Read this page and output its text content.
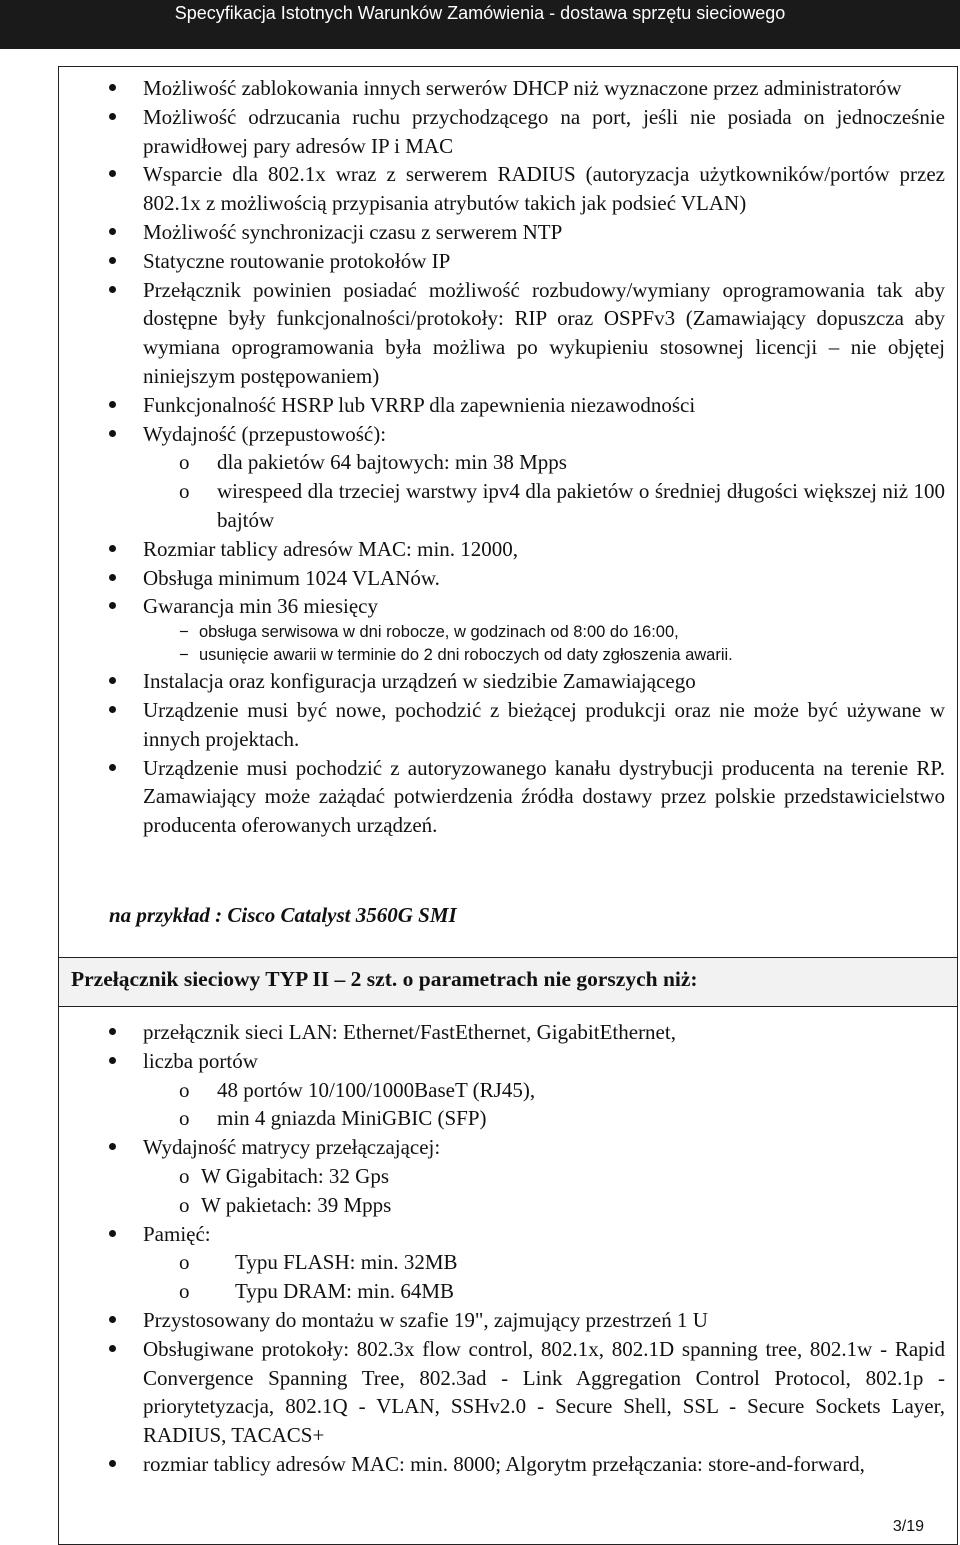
Specyfikacja Istotnych Warunków Zamówienia - dostawa sprzętu sieciowego
Możliwość zablokowania innych serwerów DHCP niż wyznaczone przez administratorów
Możliwość odrzucania ruchu przychodzącego na port, jeśli nie posiada on jednocześnie prawidłowej pary adresów IP i MAC
Wsparcie dla 802.1x wraz z serwerem RADIUS (autoryzacja użytkowników/portów przez 802.1x z możliwością przypisania atrybutów takich jak podsieć VLAN)
Możliwość synchronizacji czasu z serwerem NTP
Statyczne routowanie protokołów IP
Przełącznik powinien posiadać możliwość rozbudowy/wymiany oprogramowania tak aby dostępne były funkcjonalności/protokoły: RIP oraz OSPFv3 (Zamawiający dopuszcza aby wymiana oprogramowania była możliwa po wykupieniu stosownej licencji – nie objętej niniejszym postępowaniem)
Funkcjonalność HSRP lub VRRP dla zapewnienia niezawodności
Wydajność (przepustowość):
o dla pakietów 64 bajtowych: min 38 Mpps
o wirespeed dla trzeciej warstwy ipv4 dla pakietów o średniej długości większej niż 100 bajtów
Rozmiar tablicy adresów MAC: min. 12000,
Obsługa minimum 1024 VLANów.
Gwarancja min 36 miesięcy
− obsługa serwisowa w dni robocze, w godzinach od 8:00 do 16:00,
− usunięcie awarii w terminie do 2 dni roboczych od daty zgłoszenia awarii.
Instalacja oraz konfiguracja urządzeń w siedzibie Zamawiającego
Urządzenie musi być nowe, pochodzić z bieżącej produkcji oraz nie może być używane w innych projektach.
Urządzenie musi pochodzić z autoryzowanego kanału dystrybucji producenta na terenie RP. Zamawiający może zażądać potwierdzenia źródła dostawy przez polskie przedstawicielstwo producenta oferowanych urządzeń.
na przykład : Cisco Catalyst 3560G SMI
Przełącznik sieciowy TYP II – 2 szt. o parametrach nie gorszych niż:
przełącznik sieci LAN: Ethernet/FastEthernet, GigabitEthernet,
liczba portów
o 48 portów 10/100/1000BaseT (RJ45),
o min 4 gniazda MiniGBIC (SFP)
Wydajność matrycy przełączającej:
o W Gigabitach: 32 Gps
o W pakietach: 39 Mpps
Pamięć:
o Typu FLASH: min. 32MB
o Typu DRAM: min. 64MB
Przystosowany do montażu w szafie 19", zajmujący przestrzeń 1 U
Obsługiwane protokoły: 802.3x flow control, 802.1x, 802.1D spanning tree, 802.1w - Rapid Convergence Spanning Tree, 802.3ad - Link Aggregation Control Protocol, 802.1p - priorytetyzacja, 802.1Q - VLAN, SSHv2.0 - Secure Shell, SSL - Secure Sockets Layer, RADIUS, TACACS+
rozmiar tablicy adresów MAC: min. 8000; Algorytm przełączania: store-and-forward,
3/19
